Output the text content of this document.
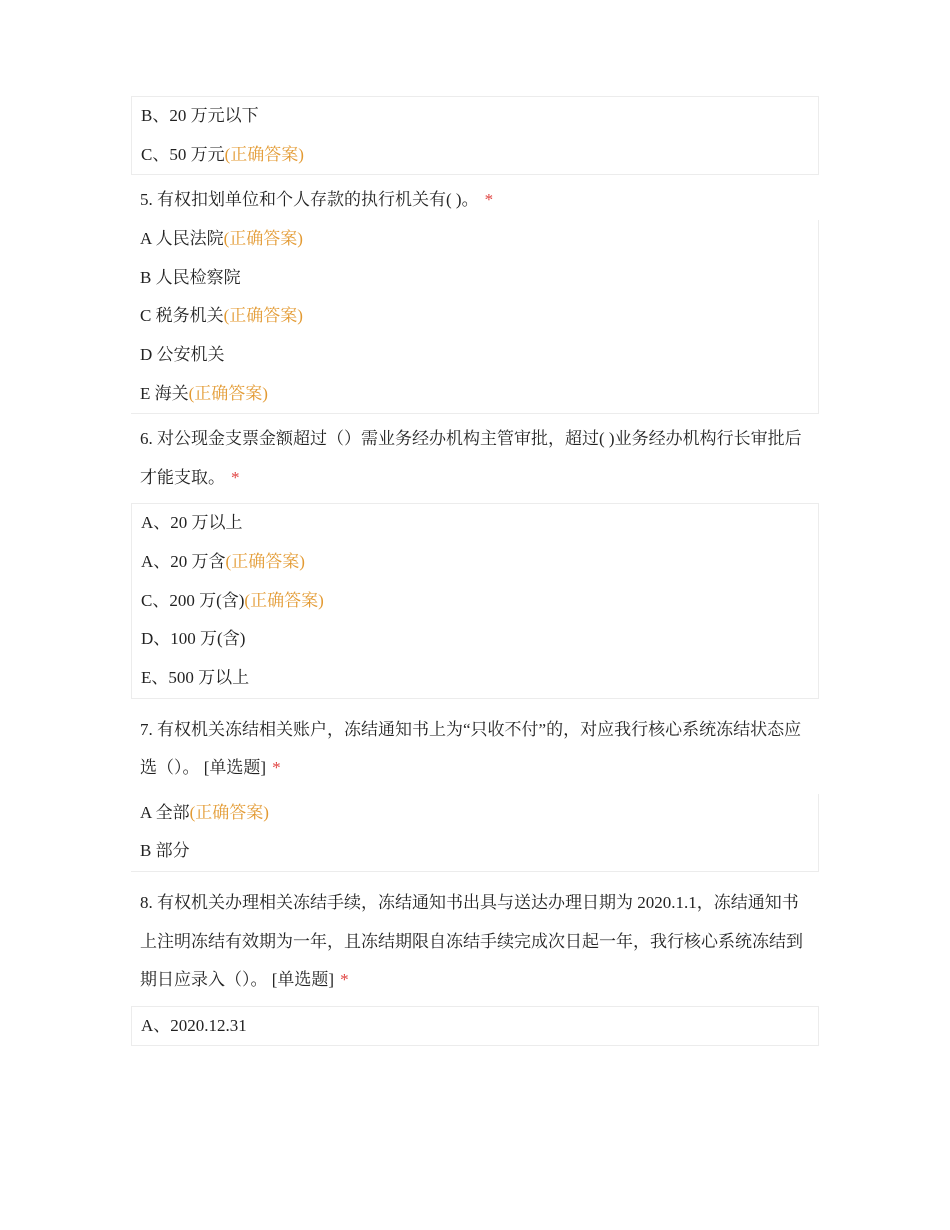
B、20 万元以下
C、50 万元(正确答案)

5. 有权扣划单位和个人存款的执行机关有( )。 *

A 人民法院(正确答案)
B 人民检察院
C 税务机关(正确答案)
D 公安机关
E 海关(正确答案)

6. 对公现金支票金额超过（）需业务经办机构主管审批，超过( )业务经办机构行长审批后才能支取。 *

A、20 万以上
A、20 万含(正确答案)
C、200 万(含)(正确答案)
D、100 万(含)
E、500 万以上

7. 有权机关冻结相关账户，冻结通知书上为“只收不付”的，对应我行核心系统冻结状态应选（）。 [单选题] *

A 全部(正确答案)
B 部分

8. 有权机关办理相关冻结手续，冻结通知书出具与送达办理日期为 2020.1.1，冻结通知书上注明冻结有效期为一年，且冻结期限自冻结手续完成次日起一年，我行核心系统冻结到期日应录入（）。 [单选题] *

A、2020.12.31
